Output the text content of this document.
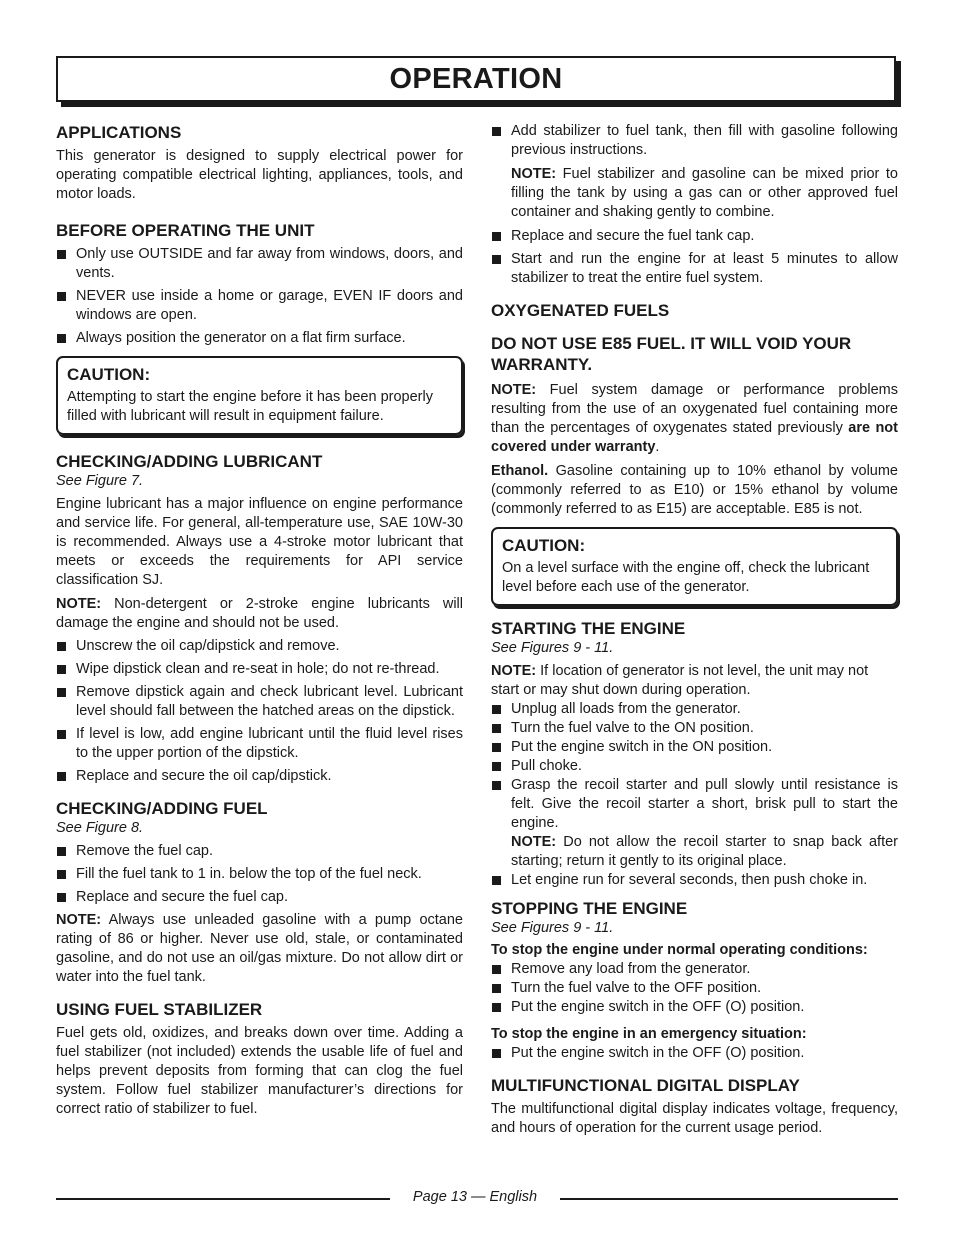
OPERATION
APPLICATIONS

This generator is designed to supply electrical power for operating compatible electrical lighting, appliances, tools, and motor loads.

BEFORE OPERATING THE UNIT
Only use OUTSIDE and far away from windows, doors, and vents.
NEVER use inside a home or garage, EVEN IF doors and windows are open.
Always position the generator on a flat firm surface.
CAUTION:

Attempting to start the engine before it has been properly filled with lubricant will result in equipment failure.

CHECKING/ADDING LUBRICANT
See Figure 7.

Engine lubricant has a major influence on engine performance and service life. For general, all-temperature use, SAE 10W-30 is recommended. Always use a 4-stroke motor lubricant that meets or exceeds the requirements for API service classification SJ.

NOTE: Non-detergent or 2-stroke engine lubricants will damage the engine and should not be used.

Unscrew the oil cap/dipstick and remove.
Wipe dipstick clean and re-seat in hole; do not re-thread.
Remove dipstick again and check lubricant level. Lubricant level should fall between the hatched areas on the dipstick.
If level is low, add engine lubricant until the fluid level rises to the upper portion of the dipstick.
Replace and secure the oil cap/dipstick.
CHECKING/ADDING FUEL
See Figure 8.
Remove the fuel cap.
Fill the fuel tank to 1 in. below the top of the fuel neck.
Replace and secure the fuel cap.

NOTE: Always use unleaded gasoline with a pump octane rating of 86 or higher. Never use old, stale, or contaminated gasoline, and do not use an oil/gas mixture. Do not allow dirt or water into the fuel tank.

USING FUEL STABILIZER

Fuel gets old, oxidizes, and breaks down over time. Adding a fuel stabilizer (not included) extends the usable life of fuel and helps prevent deposits from forming that can clog the fuel system. Follow fuel stabilizer manufacturer’s directions for correct ratio of stabilizer to fuel.

Add stabilizer to fuel tank, then fill with gasoline following previous instructions.

NOTE: Fuel stabilizer and gasoline can be mixed prior to filling the tank by using a gas can or other approved fuel container and shaking gently to combine.

Replace and secure the fuel tank cap.
Start and run the engine for at least 5 minutes to allow stabilizer to treat the entire fuel system.
OXYGENATED FUELS
DO NOT USE E85 FUEL. IT WILL VOID YOUR WARRANTY.

NOTE: Fuel system damage or performance problems resulting from the use of an oxygenated fuel containing more than the percentages of oxygenates stated previously are not covered under warranty.

Ethanol. Gasoline containing up to 10% ethanol by volume (commonly referred to as E10) or 15% ethanol by volume (commonly referred to as E15) are acceptable. E85 is not.

CAUTION:

On a level surface with the engine off, check the lubricant level before each use of the generator.

STARTING THE ENGINE
See Figures 9 - 11.

NOTE: If location of generator is not level, the unit may not start or may shut down during operation.

Unplug all loads from the generator.
Turn the fuel valve to the ON position.
Put the engine switch in the ON position.
Pull choke.
Grasp the recoil starter and pull slowly until resistance is felt. Give the recoil starter a short, brisk pull to start the engine.

NOTE: Do not allow the recoil starter to snap back after starting; return it gently to its original place.

Let engine run for several seconds, then push choke in.
STOPPING THE ENGINE
See Figures 9 - 11.

To stop the engine under normal operating conditions:

Remove any load from the generator.
Turn the fuel valve to the OFF position.
Put the engine switch in the OFF (O) position.

To stop the engine in an emergency situation:

Put the engine switch in the OFF (O) position.
MULTIFUNCTIONAL DIGITAL DISPLAY

The multifunctional digital display indicates voltage, frequency, and hours of operation for the current usage period.

Page 13 — English
